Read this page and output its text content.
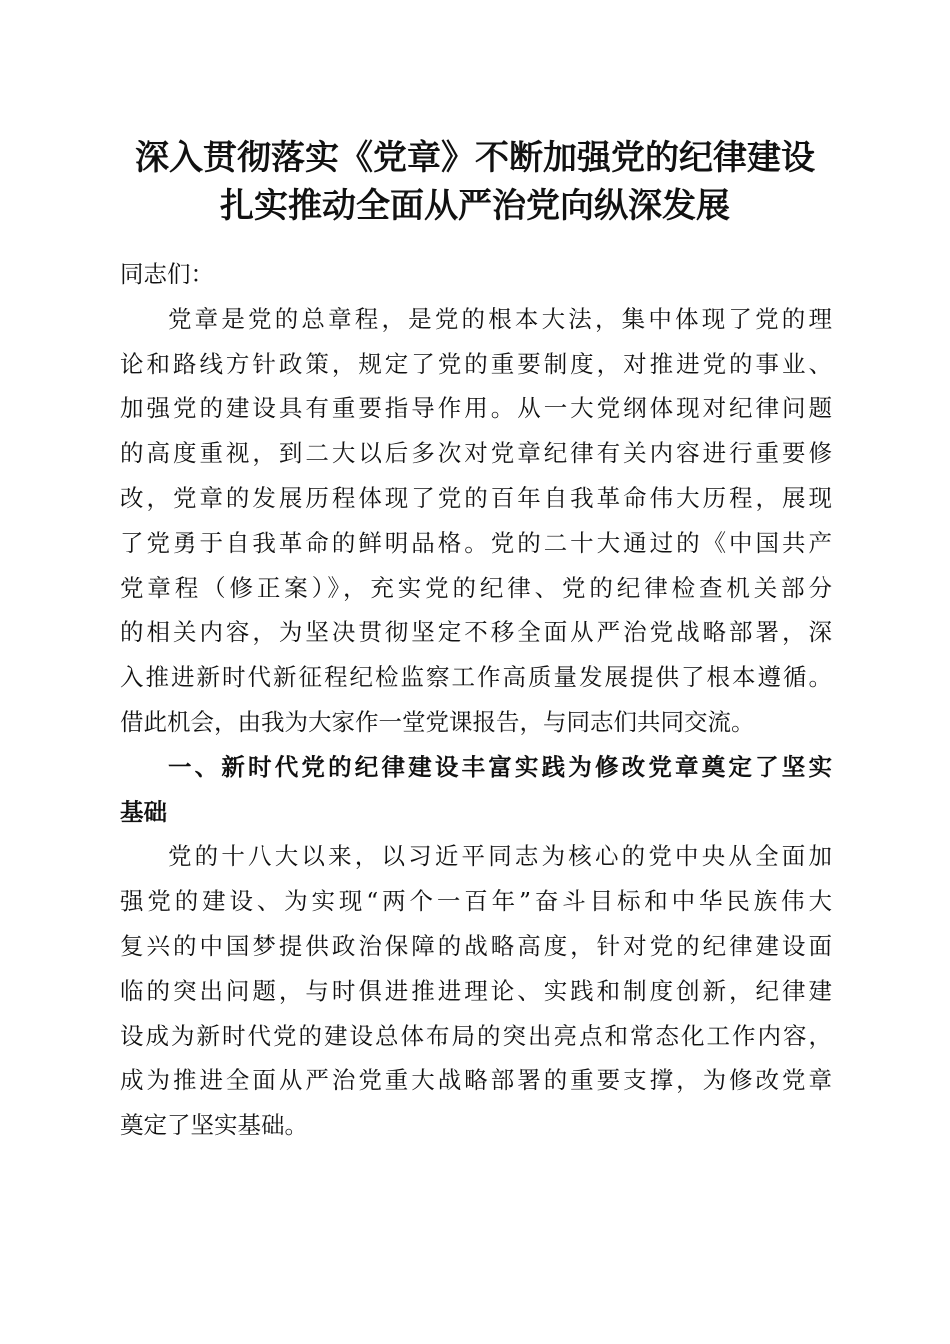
深入贯彻落实《党章》不断加强党的纪律建设
扎实推动全面从严治党向纵深发展

同志们：

党章是党的总章程，是党的根本大法，集中体现了党的理
论和路线方针政策，规定了党的重要制度，对推进党的事业、
加强党的建设具有重要指导作用。从一大党纲体现对纪律问题
的高度重视，到二大以后多次对党章纪律有关内容进行重要修
改，党章的发展历程体现了党的百年自我革命伟大历程，展现
了党勇于自我革命的鲜明品格。党的二十大通过的《中国共产
党章程（修正案）》，充实党的纪律、党的纪律检查机关部分
的相关内容，为坚决贯彻坚定不移全面从严治党战略部署，深
入推进新时代新征程纪检监察工作高质量发展提供了根本遵循。
借此机会，由我为大家作一堂党课报告，与同志们共同交流。

一、新时代党的纪律建设丰富实践为修改党章奠定了坚实
基础

党的十八大以来，以习近平同志为核心的党中央从全面加
强党的建设、为实现“两个一百年”奋斗目标和中华民族伟大
复兴的中国梦提供政治保障的战略高度，针对党的纪律建设面
临的突出问题，与时俱进推进理论、实践和制度创新，纪律建
设成为新时代党的建设总体布局的突出亮点和常态化工作内容，
成为推进全面从严治党重大战略部署的重要支撑，为修改党章
奠定了坚实基础。
